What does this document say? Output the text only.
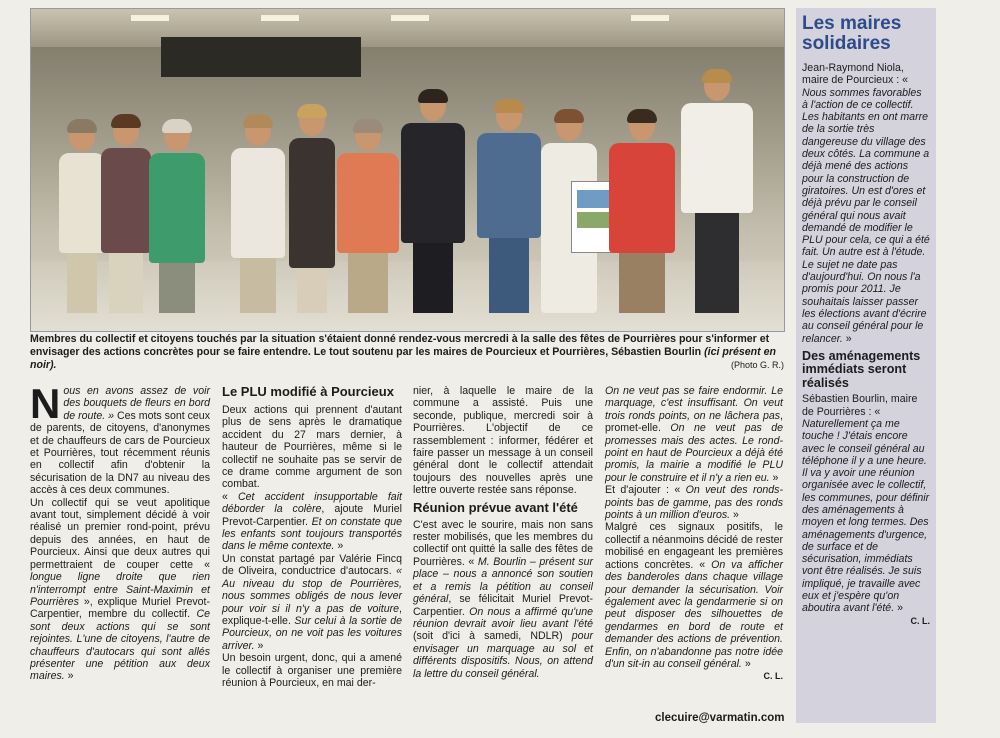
Membres du collectif et citoyens touchés par la situation s'étaient donné rendez-vous mercredi à la salle des fêtes de Pourrières pour s'informer et envisager des actions concrètes pour se faire entendre. Le tout soutenu par les maires de Pourcieux et Pourrières, Sébastien Bourlin (ici présent en noir).	(Photo G. R.)

Nous en avons assez de voir des bouquets de fleurs en bord de route. » Ces mots sont ceux de parents, de citoyens, d'anonymes et de chauffeurs de cars de Pourcieux et Pourrières, tout récemment réunis en collectif afin d'obtenir la sécurisation de la DN7 au niveau des accès à ces deux communes.

Un collectif qui se veut apolitique avant tout, simplement décidé à voir réalisé un premier rond-point, prévu depuis des années, en haut de Pourcieux. Ainsi que deux autres qui permettraient de couper cette « longue ligne droite que rien n'interrompt entre Saint-Maximin et Pourrières », explique Muriel Prevot-Carpentier, membre du collectif. Ce sont deux actions qui se sont rejointes. L'une de citoyens, l'autre de chauffeurs d'autocars qui sont allés présenter une pétition aux deux maires. »

Le PLU modifié à Pourcieux

Deux actions qui prennent d'autant plus de sens après le dramatique accident du 27 mars dernier, à hauteur de Pourrières, même si le collectif ne souhaite pas se servir de ce drame comme argument de son combat.

« Cet accident insupportable fait déborder la colère, ajoute Muriel Prevot-Carpentier. Et on constate que les enfants sont toujours transportés dans le même contexte. »

Un constat partagé par Valérie Fincq de Oliveira, conductrice d'autocars. « Au niveau du stop de Pourrières, nous sommes obligés de nous lever pour voir si il n'y a pas de voiture, explique-t-elle. Sur celui à la sortie de Pourcieux, on ne voit pas les voitures arriver. »

Un besoin urgent, donc, qui a amené le collectif à organiser une première réunion à Pourcieux, en mai der-

nier, à laquelle le maire de la commune a assisté. Puis une seconde, publique, mercredi soir à Pourrières. L'objectif de ce rassemblement : informer, fédérer et faire passer un message à un conseil général dont le collectif attendait toujours des nouvelles après une lettre ouverte restée sans réponse.

Réunion prévue avant l'été

C'est avec le sourire, mais non sans rester mobilisés, que les membres du collectif ont quitté la salle des fêtes de Pourrières. « M. Bourlin – présent sur place – nous a annoncé son soutien et a remis la pétition au conseil général, se félicitait Muriel Prevot-Carpentier. On nous a affirmé qu'une réunion devrait avoir lieu avant l'été (soit d'ici à samedi, NDLR) pour envisager un marquage au sol et différents dispositifs. Nous, on attend la lettre du conseil général.

On ne veut pas se faire endormir. Le marquage, c'est insuffisant. On veut trois ronds points, on ne lâchera pas, promet-elle. On ne veut pas de promesses mais des actes. Le rond-point en haut de Pourcieux a déjà été promis, la mairie a modifié le PLU pour le construire et il n'y a rien eu. »

Et d'ajouter : « On veut des ronds-points bas de gamme, pas des ronds points à un million d'euros. »

Malgré ces signaux positifs, le collectif a néanmoins décidé de rester mobilisé en engageant les premières actions concrètes. « On va afficher des banderoles dans chaque village pour demander la sécurisation. Voir également avec la gendarmerie si on peut disposer des silhouettes de gendarmes en bord de route et demander des actions de prévention. Enfin, on n'abandonne pas notre idée d'un sit-in au conseil général. »

C. L.
clecuire@varmatin.com
Les maires solidaires

Jean-Raymond Niola, maire de Pourcieux : « Nous sommes favorables à l'action de ce collectif. Les habitants en ont marre de la sortie très dangereuse du village des deux côtés. La commune a déjà mené des actions pour la construction de giratoires. Un est d'ores et déjà prévu par le conseil général qui nous avait demandé de modifier le PLU pour cela, ce qui a été fait. Un autre est à l'étude. Le sujet ne date pas d'aujourd'hui. On nous l'a promis pour 2011. Je souhaitais laisser passer les élections avant d'écrire au conseil général pour le relancer. »

Des aménagements immédiats seront réalisés

Sébastien Bourlin, maire de Pourrières : « Naturellement ça me touche ! J'étais encore avec le conseil général au téléphone il y a une heure. Il va y avoir une réunion organisée avec le collectif, les communes, pour définir des aménagements à moyen et long termes. Des aménagements d'urgence, de surface et de sécurisation, immédiats vont être réalisés. Je suis impliqué, je travaille avec eux et j'espère qu'on aboutira avant l'été. »

C. L.
